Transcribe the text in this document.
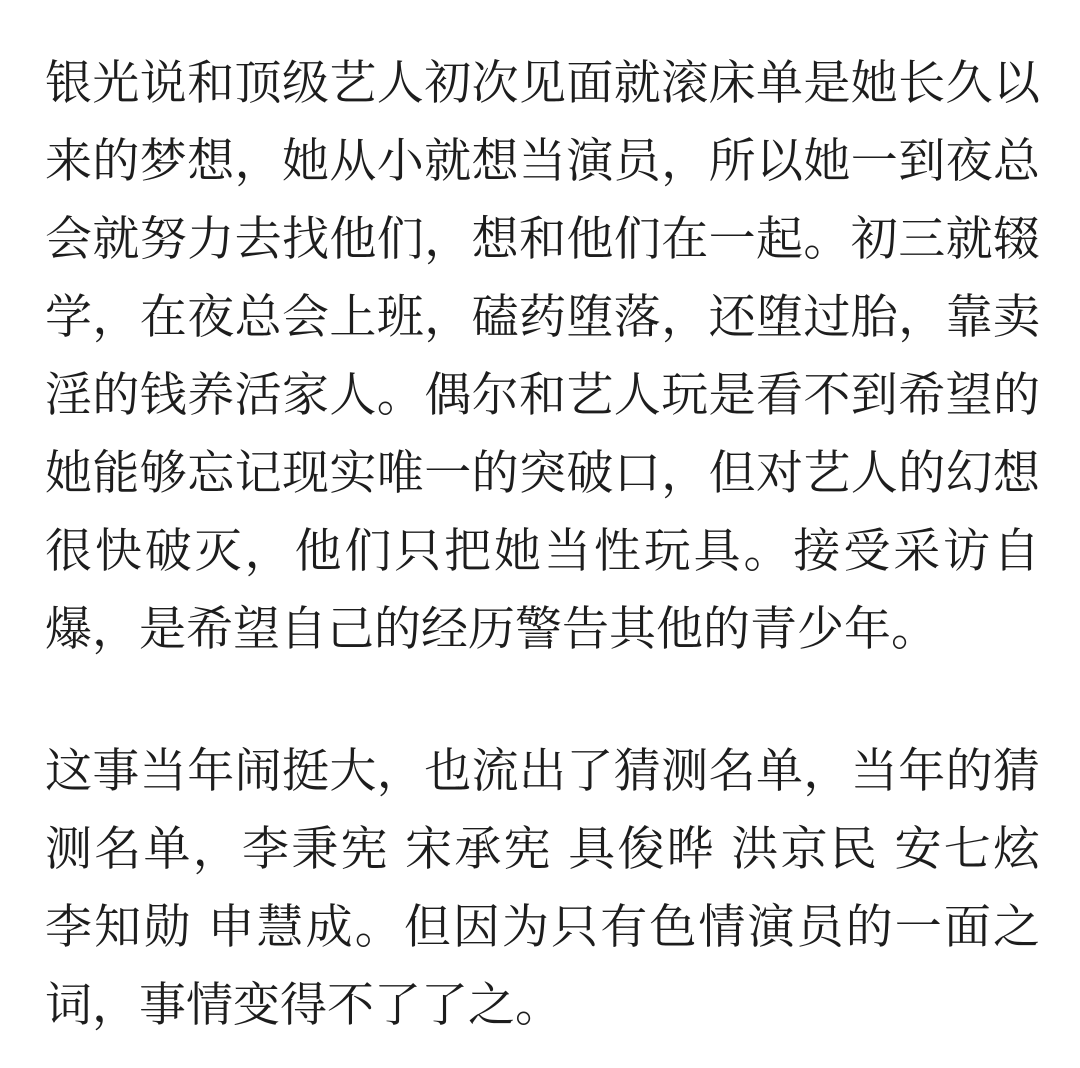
银光说和顶级艺人初次见面就滚床单是她长久以来的梦想，她从小就想当演员，所以她一到夜总会就努力去找他们，想和他们在一起。初三就辍学，在夜总会上班，磕药堕落，还堕过胎，靠卖淫的钱养活家人。偶尔和艺人玩是看不到希望的她能够忘记现实唯一的突破口，但对艺人的幻想很快破灭，他们只把她当性玩具。接受采访自爆，是希望自己的经历警告其他的青少年。

这事当年闹挺大，也流出了猜测名单，当年的猜测名单，李秉宪 宋承宪 具俊晔 洪京民 安七炫 李知勋 申慧成。但因为只有色情演员的一面之词，事情变得不了了之。
